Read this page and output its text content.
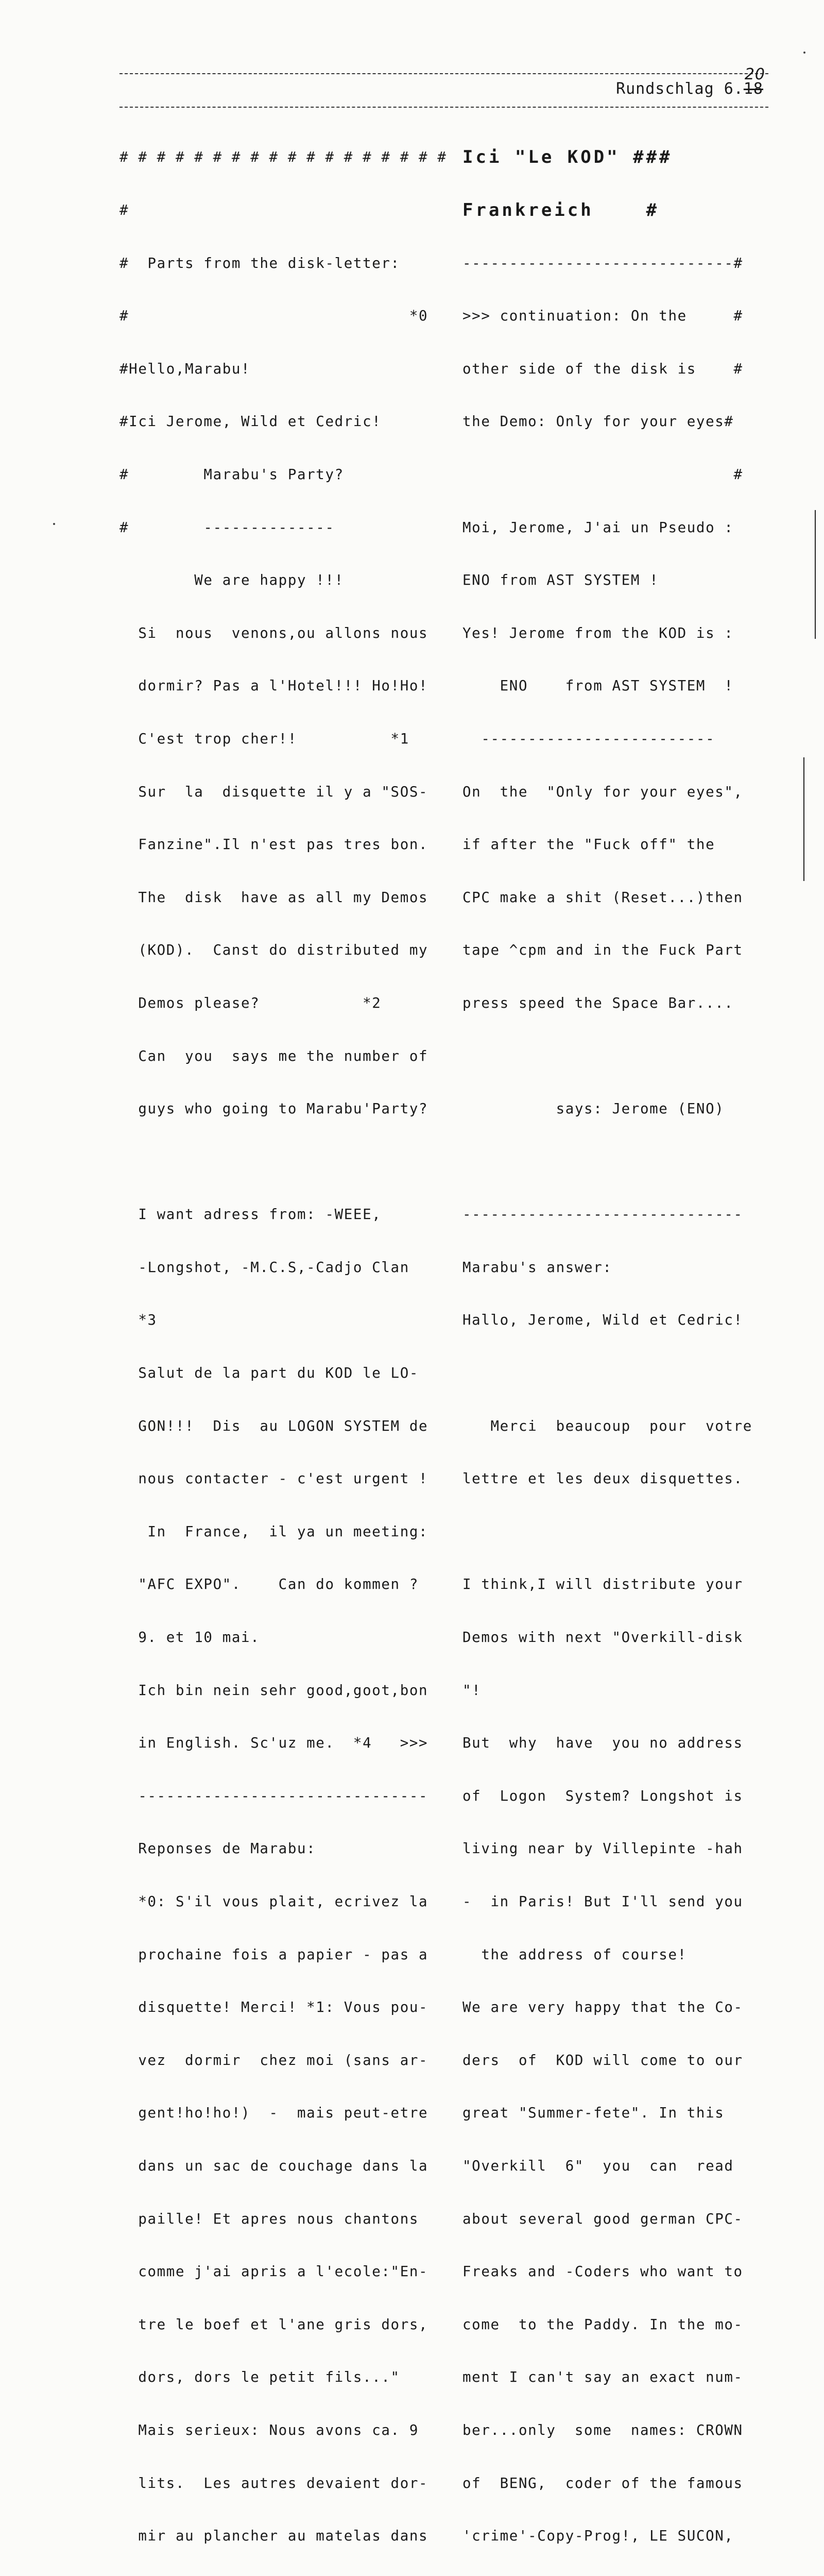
Rundschlag 6.18
20

# # # # # # # # # # # # # # # # # #

#

#  Parts from the disk-letter:

#                              *0

#Hello,Marabu!

#Ici Jerome, Wild et Cedric!

#        Marabu's Party?

#        --------------

We are happy !!!

Si  nous  venons,ou allons nous

dormir? Pas a l'Hotel!!! Ho!Ho!

C'est trop cher!!          *1

Sur  la  disquette il y a "SOS-

Fanzine".Il n'est pas tres bon.

The  disk  have as all my Demos

(KOD).  Canst do distributed my

Demos please?           *2

Can  you  says me the number of

guys who going to Marabu'Party?

I want adress from: -WEEE,

-Longshot, -M.C.S,-Cadjo Clan

*3

Salut de la part du KOD le LO-

GON!!!  Dis  au LOGON SYSTEM de

nous contacter - c'est urgent !

In  France,  il ya un meeting:

"AFC EXPO".    Can do kommen ?

9. et 10 mai.

Ich bin nein sehr good,goot,bon

in English. Sc'uz me.  *4   >>>

-------------------------------

Reponses de Marabu:

*0: S'il vous plait, ecrivez la

prochaine fois a papier - pas a

disquette! Merci! *1: Vous pou-

vez  dormir  chez moi (sans ar-

gent!ho!ho!)  -  mais peut-etre

dans un sac de couchage dans la

paille! Et apres nous chantons

comme j'ai apris a l'ecole:"En-

tre le boef et l'ane gris dors,

dors, dors le petit fils..."

Mais serieux: Nous avons ca. 9

lits.  Les autres devaient dor-

mir au plancher au matelas dans

Ici "Le KOD" ###

Frankreich    #

-----------------------------#

>>> continuation: On the     #

other side of the disk is    #

the Demo: Only for your eyes#

#

Moi, Jerome, J'ai un Pseudo :

ENO from AST SYSTEM !

Yes! Jerome from the KOD is :

ENO    from AST SYSTEM  !

-------------------------

On  the  "Only for your eyes",

if after the "Fuck off" the

CPC make a shit (Reset...)then

tape ^cpm and in the Fuck Part

press speed the Space Bar....

says: Jerome (ENO)

------------------------------

Marabu's answer:

Hallo, Jerome, Wild et Cedric!

Merci  beaucoup  pour  votre

lettre et les deux disquettes.

I think,I will distribute your

Demos with next "Overkill-disk

"!

But  why  have  you no address

of  Logon  System? Longshot is

living near by Villepinte -hah

-  in Paris! But I'll send you

the address of course!

We are very happy that the Co-

ders  of  KOD will come to our

great "Summer-fete". In this

"Overkill  6"  you  can  read

about several good german CPC-

Freaks and -Coders who want to

come  to the Paddy. In the mo-

ment I can't say an exact num-

ber...only  some  names: CROWN

of  BENG,  coder of the famous

'crime'-Copy-Prog!, LE SUCON,
